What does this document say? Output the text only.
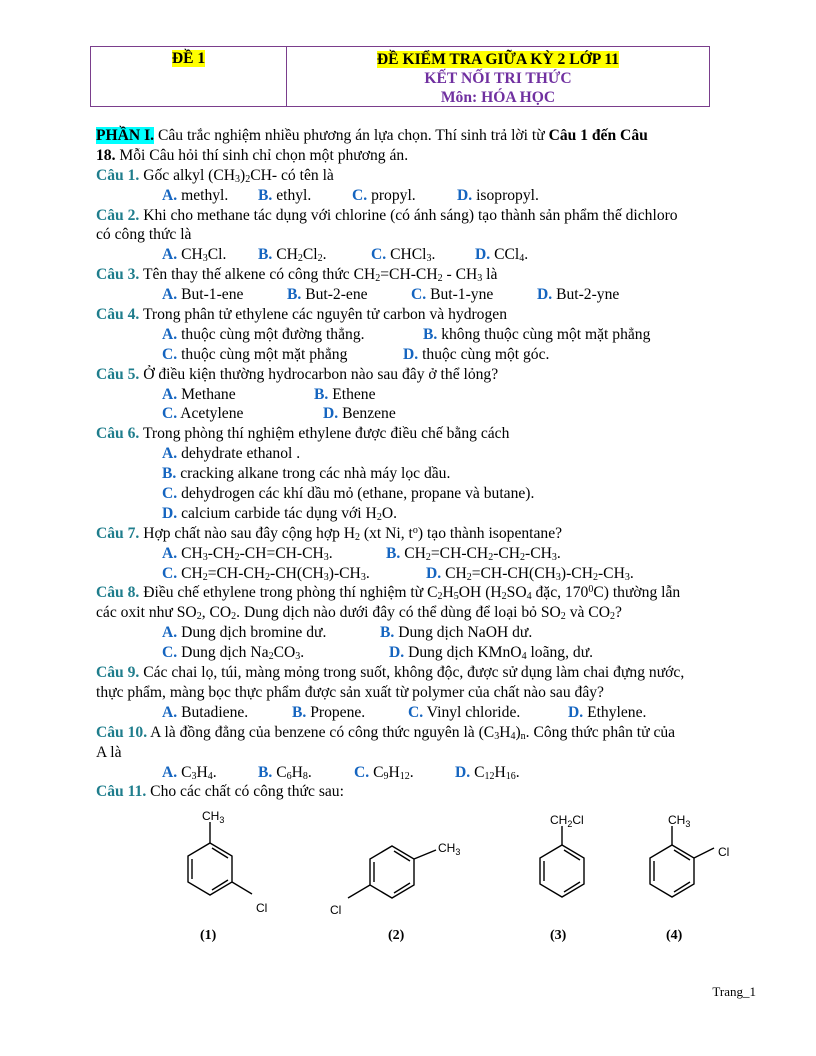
ĐỀ 1	ĐỀ KIỂM TRA GIỮA KỲ 2 LỚP 11
KẾT NỐI TRI THỨC
Môn: HÓA HỌC
PHẦN I. Câu trắc nghiệm nhiều phương án lựa chọn. Thí sinh trả lời từ Câu 1 đến Câu
18. Mỗi Câu hỏi thí sinh chỉ chọn một phương án.
Câu 1. Gốc alkyl $(CH_3)_2CH-$ có tên là
A. methyl. B. ethyl.	C. propyl.	D. isopropyl.
Câu 2. Khi cho methane tác dụng với chlorine (có ánh sáng) tạo thành sản phẩm thế dichloro
có công thức là
A. $CH_3Cl$. B. $CH_2Cl_2$.	C. CHCl$_3$.	D. CCl$_4$.
Câu 3. Tên thay thế alkene có công thức $CH_2=CH-CH_2 - CH_3$ là
A. But-1-ene	B. But-2-ene	C. But-1-yne	D. But-2-yne
Câu 4. Trong phân tử ethylene các nguyên tử carbon và hydrogen
A. thuộc cùng một đường thẳng.	B. không thuộc cùng một mặt phẳng
C. thuộc cùng một mặt phẳng	D. thuộc cùng một góc.
Câu 5. Ở điều kiện thường hydrocarbon nào sau đây ở thể lỏng?
A. Methane	B. Ethene
C. Acetylene	D. Benzene
Câu 6. Trong phòng thí nghiệm ethylene được điều chế bằng cách
A. dehydrate ethanol .
B. cracking alkane trong các nhà máy lọc dầu.
C. dehydrogen các khí dầu mỏ (ethane, propane và butane).
D. calcium carbide tác dụng với $H_2O$.
Câu 7. Hợp chất nào sau đây cộng hợp $H_2$ (xt Ni, $t^o$) tạo thành isopentane?
A. $CH_3-CH_2-CH=CH-CH_3$.	B. $CH_2=CH-CH_2-CH_2-CH_3$.
C. $CH_2=CH-CH_2-CH(CH_3)-CH_3$.	D. $CH_2=CH-CH(CH_3)-CH_2-CH_3$.
Câu 8. Điều chế ethylene trong phòng thí nghiệm từ $C_2H_5OH$ ($H_2SO_4$ đặc, $170^0C$) thường lẫn
các oxit như $SO_2$, $CO_2$. Dung dịch nào dưới đây có thể dùng để loại bỏ $SO_2$ và $CO_2$?
A. Dung dịch bromine dư.	B. Dung dịch NaOH dư.
C. Dung dịch $Na_2CO_3$.	D. Dung dịch KMnO$_4$ loãng, dư.
Câu 9. Các chai lọ, túi, màng mỏng trong suốt, không độc, được sử dụng làm chai đựng nước,
thực phẩm, màng bọc thực phẩm được sản xuất từ polymer của chất nào sau đây?
A. Butadiene.	B. Propene.	C. Vinyl chloride.	D. Ethylene.
Câu 10. A là đồng đẳng của benzene có công thức nguyên là $(C_3H_4)_n$. Công thức phân tử của
A là
A. $C_3H_4$.	B. $C_6H_8$.	C. $C_9H_{12}$.	D. $C_{12}H_{16}$.
Câu 11. Cho các chất có công thức sau:
$CH_3$
Cl
(1)
$CH_3$
Cl
(2)
$CH_2Cl$
(3)
$CH_3$
Cl
(4)
Trang_1
